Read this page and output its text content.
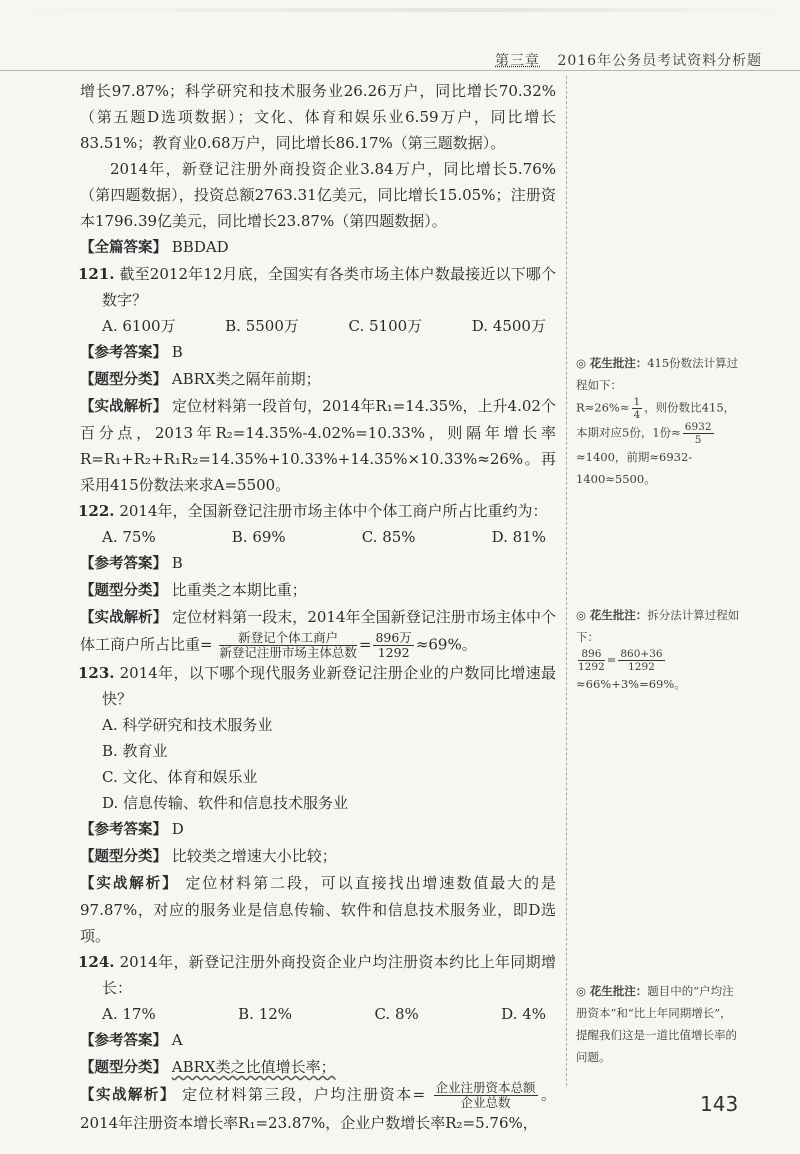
第三章 2016年公务员考试资料分析题

增长97.87%；科学研究和技术服务业26.26万户，同比增长70.32%（第五题D选项数据）；文化、体育和娱乐业6.59万户，同比增长83.51%；教育业0.68万户，同比增长86.17%（第三题数据）。

2014年，新登记注册外商投资企业3.84万户，同比增长5.76%（第四题数据），投资总额2763.31亿美元，同比增长15.05%；注册资本1796.39亿美元，同比增长23.87%（第四题数据）。

【全篇答案】 BBDAD

121. 截至2012年12月底，全国实有各类市场主体户数最接近以下哪个数字？

A. 6100万	B. 5500万	C. 5100万	D. 4500万

【参考答案】 B

【题型分类】 ABRX类之隔年前期；

【实战解析】 定位材料第一段首句，2014年R₁=14.35%，上升4.02个百分点，2013年R₂=14.35%-4.02%=10.33%，则隔年增长率R=R₁+R₂+R₁R₂=14.35%+10.33%+14.35%×10.33%≈26%。再采用415份数法来求A=5500。

122. 2014年，全国新登记注册市场主体中个体工商户所占比重约为：

A. 75%	B. 69%	C. 85%	D. 81%

【参考答案】 B

【题型分类】 比重类之本期比重；

【实战解析】 定位材料第一段末，2014年全国新登记注册市场主体中个体工商户所占比重= $\frac{\text{新登记个体工商户}}{\text{新登记注册市场主体总数}} = \frac{\text{896万}}{1292} \approx 69\%$。

123. 2014年，以下哪个现代服务业新登记注册企业的户数同比增速最快？

A. 科学研究和技术服务业
B. 教育业
C. 文化、体育和娱乐业
D. 信息传输、软件和信息技术服务业

【参考答案】 D

【题型分类】 比较类之增速大小比较；

【实战解析】 定位材料第二段，可以直接找出增速数值最大的是97.87%，对应的服务业是信息传输、软件和信息技术服务业，即D选项。

124. 2014年，新登记注册外商投资企业户均注册资本约比上年同期增长：

A. 17%	B. 12%	C. 8%	D. 4%

【参考答案】 A

【题型分类】 ABRX类之比值增长率；

【实战解析】 定位材料第三段，户均注册资本= $\frac{\text{企业注册资本总额}}{\text{企业总数}}$ 。2014年注册资本增长率R₁=23.87%，企业户数增长率R₂=5.76%，

◎ 花生批注：415份数法计算过程如下：
$R\approx 26\%\approx \frac{1}{4}$ ，则份数比415，本期对应5份，1份≈ $\frac{6932}{5}$
≈1400，前期≈6932-1400≈5500。
◎ 花生批注：拆分法计算过程如下：

$\frac{896}{1292} = \frac{860+36}{1292}$
≈66%+3%=69%。
◎ 花生批注：题目中的“户均注册资本”和“比上年同期增长”，提醒我们这是一道比值增长率的问题。
143
